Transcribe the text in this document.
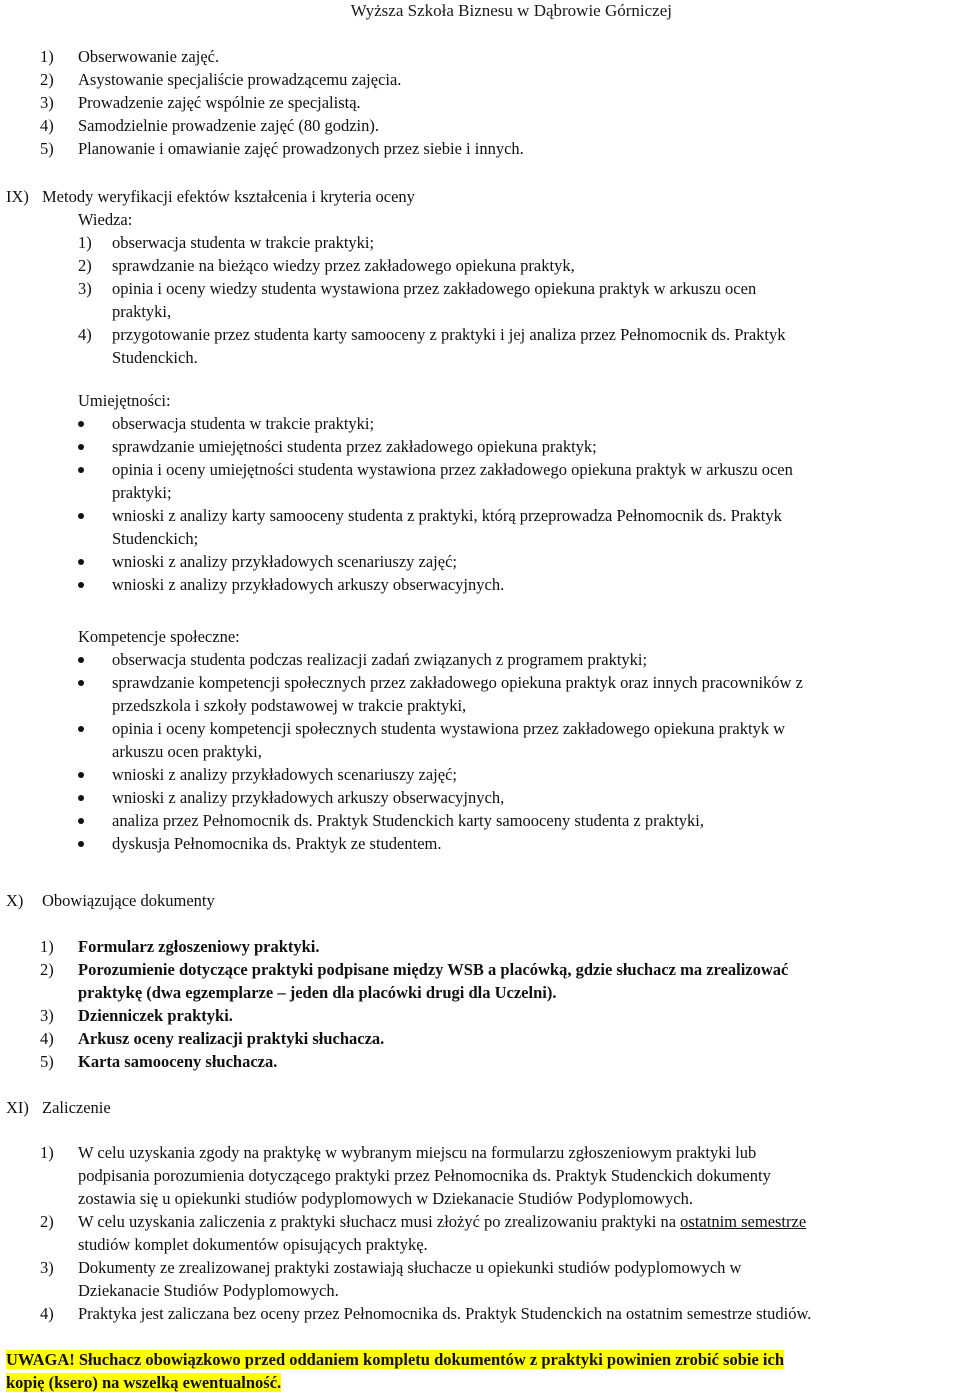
Wyższa Szkoła Biznesu w Dąbrowie Górniczej
1) Obserwowanie zajęć.
2) Asystowanie specjaliście prowadzącemu zajęcia.
3) Prowadzenie zajęć wspólnie ze specjalistą.
4) Samodzielnie prowadzenie zajęć (80 godzin).
5) Planowanie i omawianie zajęć prowadzonych przez siebie i innych.
IX) Metody weryfikacji efektów kształcenia i kryteria oceny
Wiedza:
1) obserwacja studenta w trakcie praktyki;
2) sprawdzanie na bieżąco wiedzy przez zakładowego opiekuna praktyk,
3) opinia i oceny wiedzy studenta wystawiona przez zakładowego opiekuna praktyk w arkuszu ocen
praktyki,
4) przygotowanie przez studenta karty samooceny z praktyki i jej analiza przez Pełnomocnik ds. Praktyk
Studenckich.
Umiejętności:
obserwacja studenta w trakcie praktyki;
sprawdzanie umiejętności studenta przez zakładowego opiekuna praktyk;
opinia i oceny umiejętności studenta wystawiona przez zakładowego opiekuna praktyk w arkuszu ocen
praktyki;
wnioski z analizy karty samooceny studenta z praktyki, którą przeprowadza Pełnomocnik ds. Praktyk
Studenckich;
wnioski z analizy przykładowych scenariuszy zajęć;
wnioski z analizy przykładowych arkuszy obserwacyjnych.
Kompetencje społeczne:
obserwacja studenta podczas realizacji zadań związanych z programem praktyki;
sprawdzanie kompetencji społecznych przez zakładowego opiekuna praktyk oraz innych pracowników z
przedszkola i szkoły podstawowej w trakcie praktyki,
opinia i oceny kompetencji społecznych studenta wystawiona przez zakładowego opiekuna praktyk w
arkuszu ocen praktyki,
wnioski z analizy przykładowych scenariuszy zajęć;
wnioski z analizy przykładowych arkuszy obserwacyjnych,
analiza przez Pełnomocnik ds. Praktyk Studenckich karty samooceny studenta z praktyki,
dyskusja Pełnomocnika ds. Praktyk ze studentem.
X) Obowiązujące dokumenty
1) Formularz zgłoszeniowy praktyki.
2) Porozumienie dotyczące praktyki podpisane między WSB a placówką, gdzie słuchacz ma zrealizować
praktykę (dwa egzemplarze – jeden dla placówki drugi dla Uczelni).
3) Dzienniczek praktyki.
4) Arkusz oceny realizacji praktyki słuchacza.
5) Karta samooceny słuchacza.
XI) Zaliczenie
1) W celu uzyskania zgody na praktykę w wybranym miejscu na formularzu zgłoszeniowym praktyki lub
podpisania porozumienia dotyczącego praktyki przez Pełnomocnika ds. Praktyk Studenckich dokumenty
zostawia się u opiekunki studiów podyplomowych w Dziekanacie Studiów Podyplomowych.
2) W celu uzyskania zaliczenia z praktyki słuchacz musi złożyć po zrealizowaniu praktyki na ostatnim semestrze
studiów komplet dokumentów opisujących praktykę.
3) Dokumenty ze zrealizowanej praktyki zostawiają słuchacze u opiekunki studiów podyplomowych w
Dziekanacie Studiów Podyplomowych.
4) Praktyka jest zaliczana bez oceny przez Pełnomocnika ds. Praktyk Studenckich na ostatnim semestrze studiów.
UWAGA! Słuchacz obowiązkowo przed oddaniem kompletu dokumentów z praktyki powinien zrobić sobie ich
kopię (ksero) na wszelką ewentualność.
